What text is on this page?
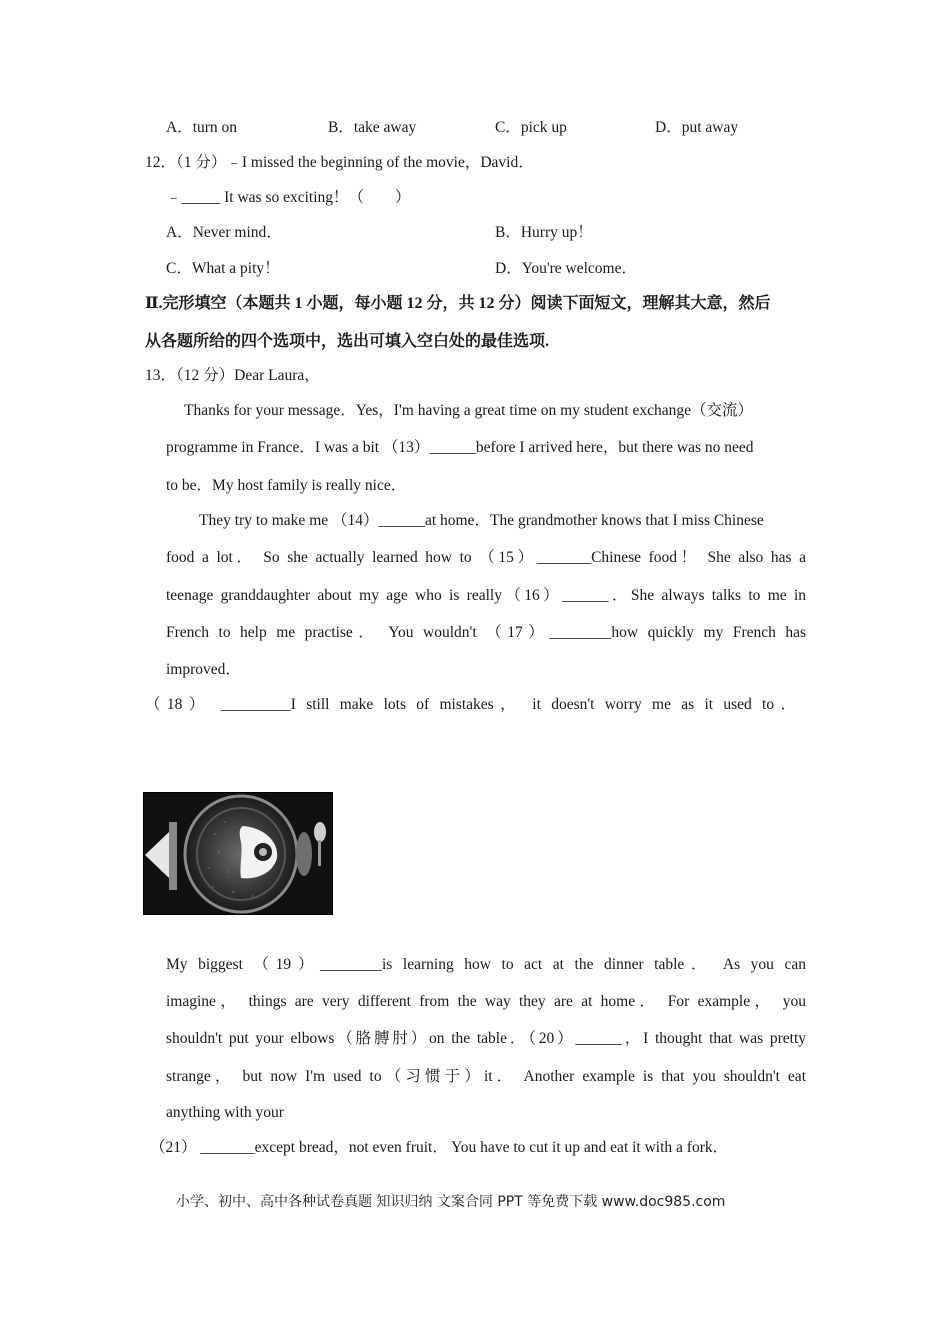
A．turn on	B．take away	C．pick up	D．put away
12．（1 分）﹣I missed the beginning of the movie，David．
﹣_____ It was so exciting！（　　）
A．Never mind．	B．Hurry up！
C．What a pity！	D．You're welcome．
Ⅱ.完形填空（本题共 1 小题，每小题 12 分，共 12 分）阅读下面短文，理解其大意，然后
从各题所给的四个选项中，选出可填入空白处的最佳选项.
13．（12 分）Dear Laura，
Thanks for your message．Yes，I'm having a great time on my student exchange（交流）
programme in France．I was a bit （13）______before I arrived here，but there was no need
to be．My host family is really nice．
They try to make me （14）______at home．The grandmother knows that I miss Chinese
food a lot． So she actually learned how to （15）_______Chinese food！ She also has a
teenage granddaughter about my age who is really（16）______．She always talks to me in
French to help me practise． You wouldn't （17）________how quickly my French has
improved．
（18） _________I still make lots of mistakes， it doesn't worry me as it used to．
My biggest （19）________is learning how to act at the dinner table． As you can
imagine， things are very different from the way they are at home． For example， you
shouldn't put your elbows（胳膊肘）on the table．（20）______，I thought that was pretty
strange， but now I'm used to（习惯于）it． Another example is that you shouldn't eat
anything with your
（21） _______except bread，not even fruit． You have to cut it up and eat it with a fork．
小学、初中、高中各种试卷真题 知识归纳 文案合同 PPT 等免费下载 www.doc985.com
